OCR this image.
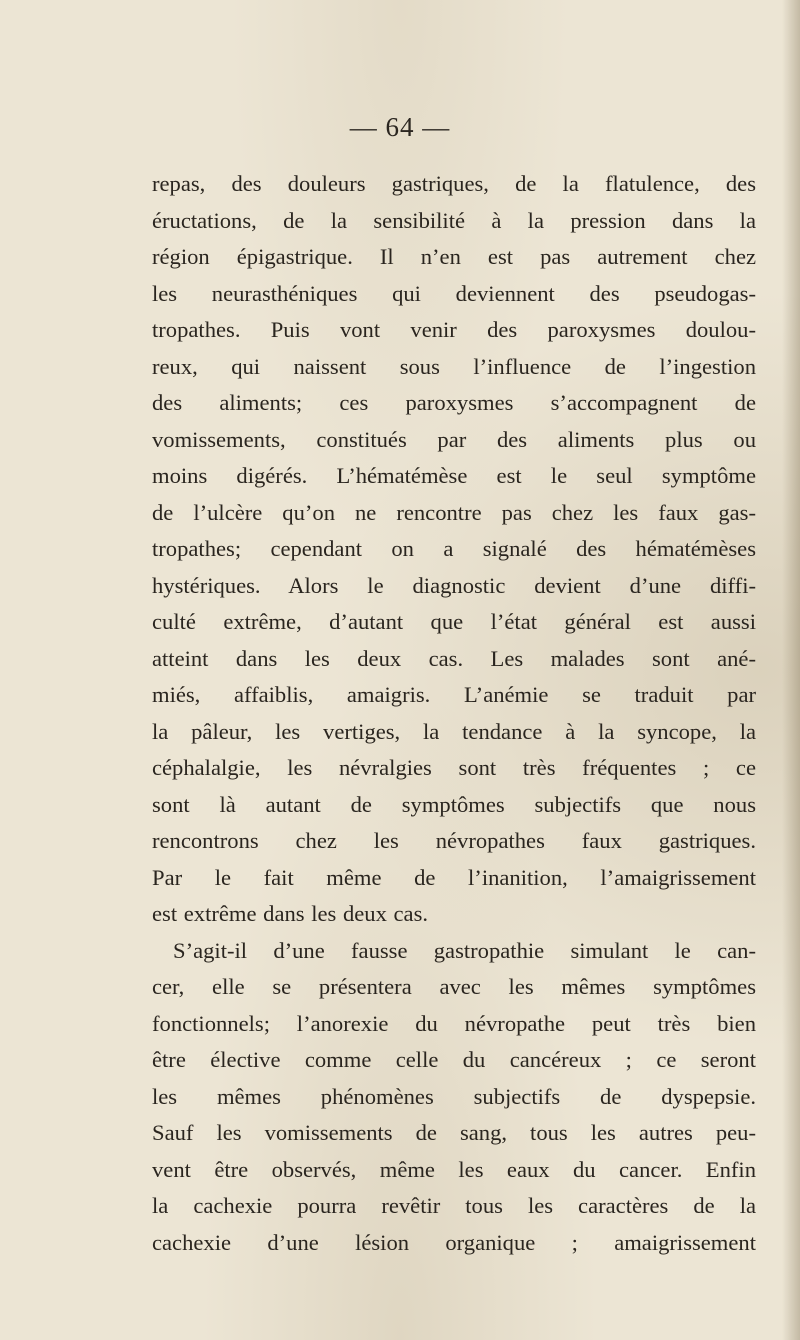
— 64 —
repas, des douleurs gastriques, de la flatulence, des
éructations, de la sensibilité à la pression dans la
région épigastrique. Il n’en est pas autrement chez
les neurasthéniques qui deviennent des pseudogas-
tropathes. Puis vont venir des paroxysmes doulou-
reux, qui naissent sous l’influence de l’ingestion
des aliments; ces paroxysmes s’accompagnent de
vomissements, constitués par des aliments plus ou
moins digérés. L’hématémèse est le seul symptôme
de l’ulcère qu’on ne rencontre pas chez les faux gas-
tropathes; cependant on a signalé des hématémèses
hystériques. Alors le diagnostic devient d’une diffi-
culté extrême, d’autant que l’état général est aussi
atteint dans les deux cas. Les malades sont ané-
miés, affaiblis, amaigris. L’anémie se traduit par
la pâleur, les vertiges, la tendance à la syncope, la
céphalalgie, les névralgies sont très fréquentes ; ce
sont là autant de symptômes subjectifs que nous
rencontrons chez les névropathes faux gastriques.
Par le fait même de l’inanition, l’amaigrissement
est extrême dans les deux cas.
S’agit-il d’une fausse gastropathie simulant le can-
cer, elle se présentera avec les mêmes symptômes
fonctionnels; l’anorexie du névropathe peut très bien
être élective comme celle du cancéreux ; ce seront
les mêmes phénomènes subjectifs de dyspepsie.
Sauf les vomissements de sang, tous les autres peu-
vent être observés, même les eaux du cancer. Enfin
la cachexie pourra revêtir tous les caractères de la
cachexie d’une lésion organique ; amaigrissement
